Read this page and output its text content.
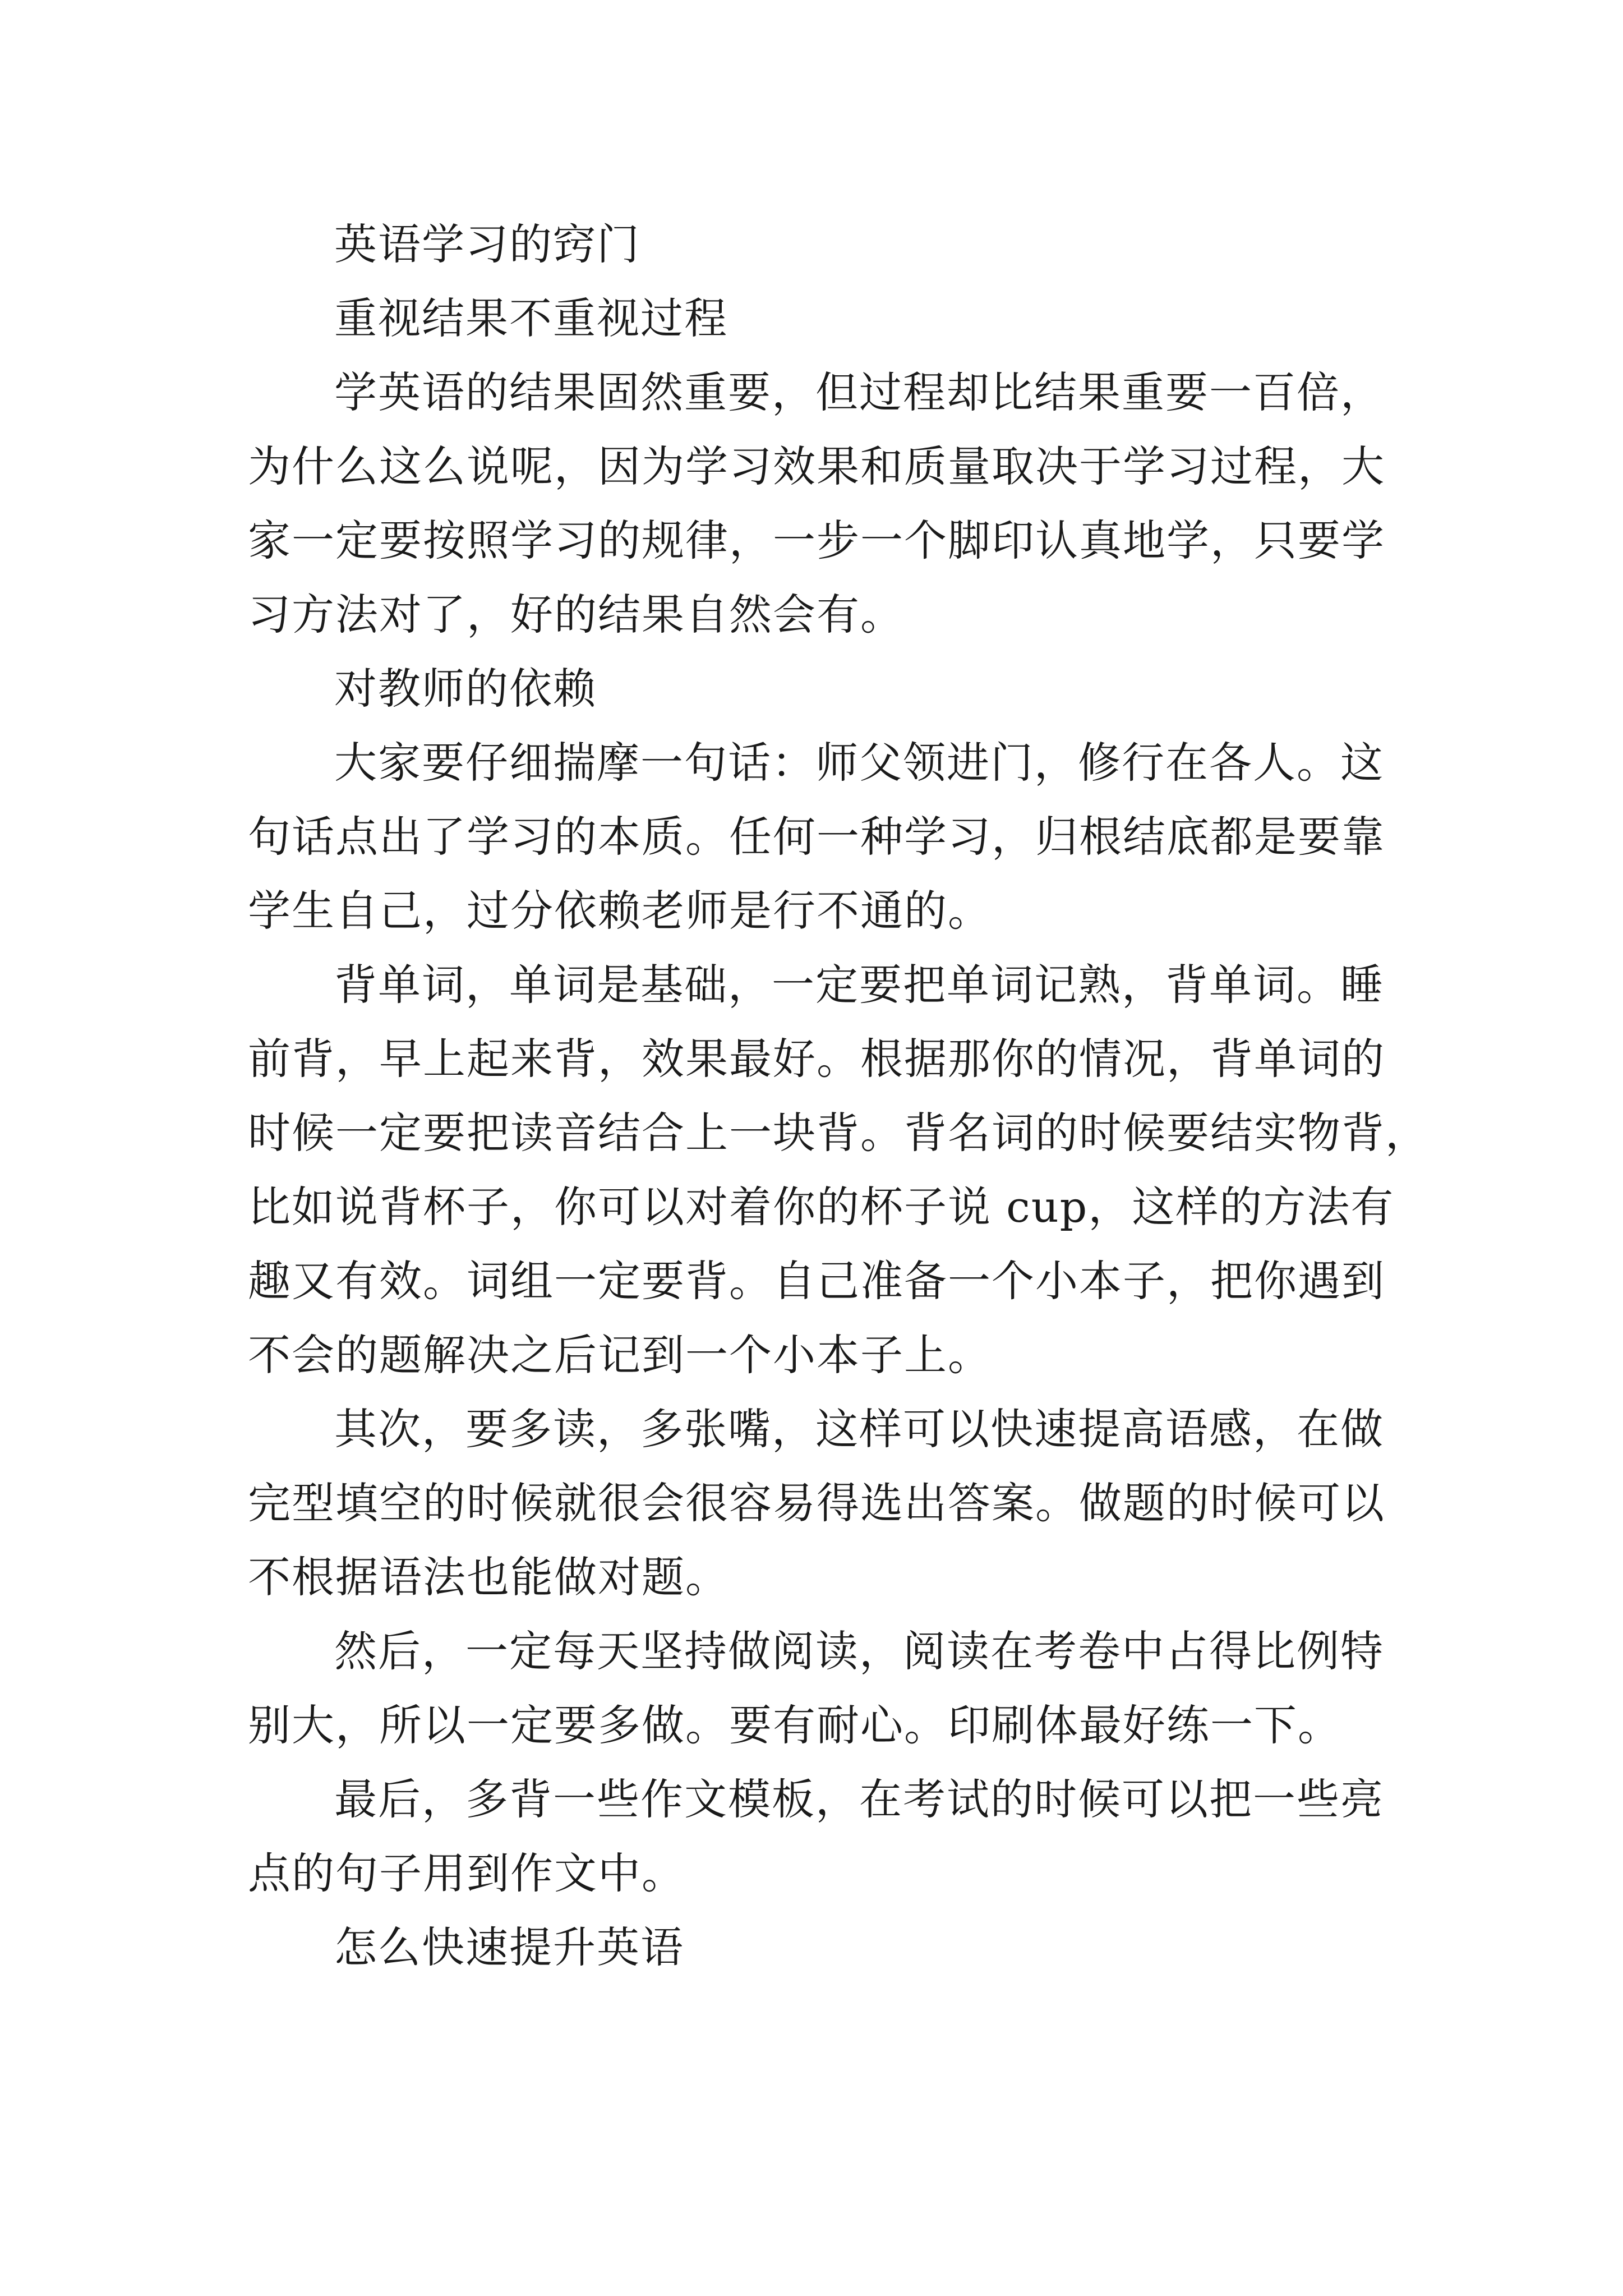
英语学习的窍门
重视结果不重视过程
学英语的结果固然重要，但过程却比结果重要一百倍，
为什么这么说呢，因为学习效果和质量取决于学习过程，大
家一定要按照学习的规律，一步一个脚印认真地学，只要学
习方法对了，好的结果自然会有。
对教师的依赖
大家要仔细揣摩一句话：师父领进门，修行在各人。这
句话点出了学习的本质。任何一种学习，归根结底都是要靠
学生自己，过分依赖老师是行不通的。
背单词，单词是基础，一定要把单词记熟，背单词。睡
前背，早上起来背，效果最好。根据那你的情况，背单词的
时候一定要把读音结合上一块背。背名词的时候要结实物背，
比如说背杯子，你可以对着你的杯子说 cup，这样的方法有
趣又有效。词组一定要背。自己准备一个小本子，把你遇到
不会的题解决之后记到一个小本子上。
其次，要多读，多张嘴，这样可以快速提高语感，在做
完型填空的时候就很会很容易得选出答案。做题的时候可以
不根据语法也能做对题。
然后，一定每天坚持做阅读，阅读在考卷中占得比例特
别大，所以一定要多做。要有耐心。印刷体最好练一下。
最后，多背一些作文模板，在考试的时候可以把一些亮
点的句子用到作文中。
怎么快速提升英语
